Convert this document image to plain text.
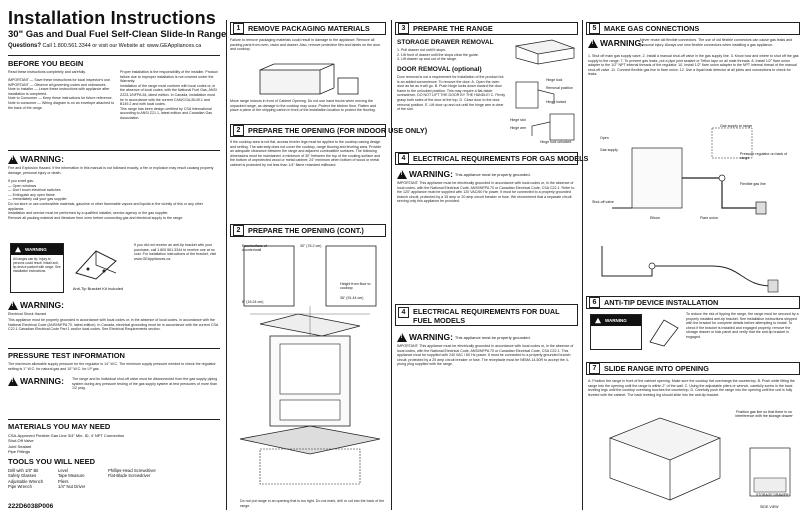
Installation Instructions
30" Gas and Dual Fuel Self-Clean Slide-In Range
Questions? Call 1.800.561.3344 or visit our Website at: www.GEAppliances.ca
BEFORE YOU BEGIN
Read these instructions completely and carefully.
IMPORTANT — Save these instructions for local inspector's use.
IMPORTANT — Observe all governing codes and ordinances.
Note to Installer — Leave these instructions with appliance after installation is completed.
Note to Consumer — Keep these instructions for future reference.
Note to consumer — Wiring diagram is on an envelope attached to the back of the range.
Proper installation is the responsibility of the installer. Product failure due to improper installation is not covered under the Warranty.
Installation of the range must conform with local codes or, in the absence of local codes, with the National Fuel Gas, ANSI Z223.1/NFPA.54, latest edition. In Canada, installation must be in accordance with the current CAN/CGA-B149.1 and B149.2 and with local codes.
This range has been design certified by CSA International according to ANSI Z21.1, latest edition and Canadian Gas Association.
!
WARNING:
Fire and Explosion Hazard. If the information in this manual is not followed exactly, a fire or explosion may result causing property damage, personal injury or death.
If you smell gas:
— Open windows
— Don't touch electrical switches
— Extinguish any open flame
— Immediately call your gas supplier
Do not store or use combustible materials, gasoline or other flammable vapors and liquids in the vicinity of this or any other appliance.
Installation and service must be performed by a qualified installer, service agency or the gas supplier.
Remove all packing material and literature from oven before connecting gas and electrical supply to the range.
!
WARNING
All ranges can tip. Injury to persons could result. Install anti-tip device packed with range. See installation instructions.
Anti-Tip Bracket Kit Included
If you did not receive an anti-tip bracket with your purchase, call 1.800.561.3344 to receive one at no cost. For installation instructions of the bracket, visit www.GEAppliances.ca.
!
WARNING:
Electrical Shock Hazard
This appliance must be properly grounded in accordance with local codes or, in the absence of local codes, in accordance with the National Electrical Code (ANSI/NFPA 70, latest edition). In Canada, electrical grounding must be in accordance with the current CSA C22.1 Canadian Electrical Code Part 1 and/or local codes. See Electrical Requirements section.
PRESSURE TEST INFORMATION
The maximum allowable supply pressure for the regulator is 14" W.C. The minimum supply pressure needed to check the regulator setting is 1" W.C. for natural gas and 10" W.C. for LP gas.
!
WARNING: The range and its individual shut-off valve must be disconnected from the gas supply piping system during any pressure testing of the gas supply system at test pressures of more than 1/2 psig.
MATERIALS YOU MAY NEED
CSA-Approved Flexible Gas Line 3/4" Min. ID, 4' NPT Connection
Shut-Off Valve
Joint Sealant
Pipe Fittings
TOOLS YOU WILL NEED
Drill with 1/8" Bit	Level	Phillips-Head Screwdriver
Safety Glasses	Tape Measure	Flat-Blade Screwdriver
Adjustable Wrench	Pliers
Pipe Wrench	1/4" Nut Driver
222D6038P006
1	REMOVE PACKAGING MATERIALS
Failure to remove packaging materials could result in damage to the appliance. Remove all packing parts from oven, racks and drawer. Also, remove protective film and labels on the door and cooktop.
Move range indoors in front of Cabinet Opening. Do not use hand trucks when moving the unpacked range, as damage to the cooktop may occur. Protect the kitchen floor. Flatten and place a piece of the shipping carton in front of the installation location to protect the flooring.
2	PREPARE THE OPENING (FOR INDOOR USE ONLY)
If the cooktop area is not flat, access leveler legs must be applied to the cooktop casing design and setting. The warranty does not cover the cooktop, range flooring and leveling area. Provide an adequate clearance between the range and adjacent combustible surfaces. The following dimensions must be maintained: a minimum of 30" between the top of the cooking surface and the bottom of unprotected wood or metal cabinet; 24" minimum when bottom of wood or metal cabinet is protected by not less than 1/4" flame retardant millboard.
2	PREPARE THE OPENING (CONT.)
Face/surface of counter/wall
30" (76.2 cm)
Height from floor to cooktop
36" (91.44 cm)
6" (15.24 cm)
Do not put range in an opening that is too tight. Do not mark, drill or cut into the back of the range.
3	PREPARE THE RANGE
STORAGE DRAWER REMOVAL
1. Pull drawer out until it stops.
2. Lift front of drawer until the stops clear the guide.
3. Lift drawer up and out of the range.
DOOR REMOVAL (optional)
Door removal is not a requirement for installation of the product but is an added convenience. To remove the door: A. Open the oven door as far as it will go. B. Push hinge locks down toward the door frame to the unlocked position. This may require a flat-blade screwdriver. DO NOT LIFT THE DOOR BY THE HANDLE! C. Firmly grasp both sides of the door at the top. D. Close door to the door removal position. E. Lift door up and out until the hinge arm is clear of the slot.
Hinge lock
Removal position
Hinge slot
Hinge arm
Hinge locked
Hinge lock unlocked
4	ELECTRICAL REQUIREMENTS FOR GAS MODELS
!
WARNING: This appliance must be properly grounded.
IMPORTANT: This appliance must be electrically grounded in accordance with local codes or, in the absence of local codes, with the National Electrical Code, ANSI/NFPA 70 or Canadian Electrical Code, CSA C22.1. Refer to the 120" appliance must be supplied with 120 VAC/60 Hz power. It must be connected to a properly grounded branch circuit, protected by a 15 amp or 20 amp circuit breaker or fuse. We recommend that a separate circuit serving only this appliance be provided.
4	ELECTRICAL REQUIREMENTS FOR DUAL FUEL MODELS
!
WARNING: This appliance must be properly grounded.
IMPORTANT: This appliance must be electrically grounded in accordance with local codes or, in the absence of local codes, with the National Electrical Code, ANSI/NFPA 70 or Canadian Electrical Code, CSA C22.1. This appliance must be supplied with 240 VAC / 60 Hz power. It must be connected to a properly grounded branch circuit, protected by a 25 amp circuit breaker or fuse. The receptacle must be NEMA 14-50R to accept the 4-prong plug supplied with the range.
5	MAKE GAS CONNECTIONS
!
WARNING:
Never reuse old flexible connectors. The use of old flexible connectors can cause gas leaks and personal injury. Always use new flexible connectors when installing a gas appliance.
1. Shut off main gas supply valve. 2. Install a manual shut-off valve in the gas supply line. 3. Know how and where to shut off the gas supply to the range. 7. To prevent gas leaks, put a pipe joint sealant or Teflon tape on all male threads. 8. Install 1/2" flare union adapter to the 1/2" NPT internal threads of the regulator. 10. Install 1/2" flare union adapter to the NPT internal thread of the manual shut-off valve. 11. Connect flexible gas line to flare union. 12. Use a liquid leak detector at all joints and connections to check for leaks.
Gas supply to range
Pressure regulator on back of range
Shut-off valve
Flexible gas line
Flare union
Elbow
Open
Gas supply
6	ANTI-TIP DEVICE INSTALLATION
!
WARNING
To reduce the risk of tipping the range, the range must be secured by a properly installed anti-tip bracket. See installation instructions shipped with the bracket for complete details before attempting to install. To check if the bracket is installed and engaged properly, remove the storage drawer or kick panel and verify that the anti-tip bracket is engaged.
7	SLIDE RANGE INTO OPENING
A. Position the range in front of the cabinet opening. Make sure the cooktop flat overhangs the countertop. B. Push while lifting the range into the opening until the range is within 2" of the wall. C. Using the adjustable pliers or wrench, carefully screw in the back leveling legs until the cooktop overhang touches the countertop. D. Carefully push the range into the opening until the unit is fully leveled with the cabinet. The back leveling leg should slide into the anti-tip bracket.
Position gas line so that there is no interference with the storage drawer
STORAGE DRAWER
SIDE VIEW
